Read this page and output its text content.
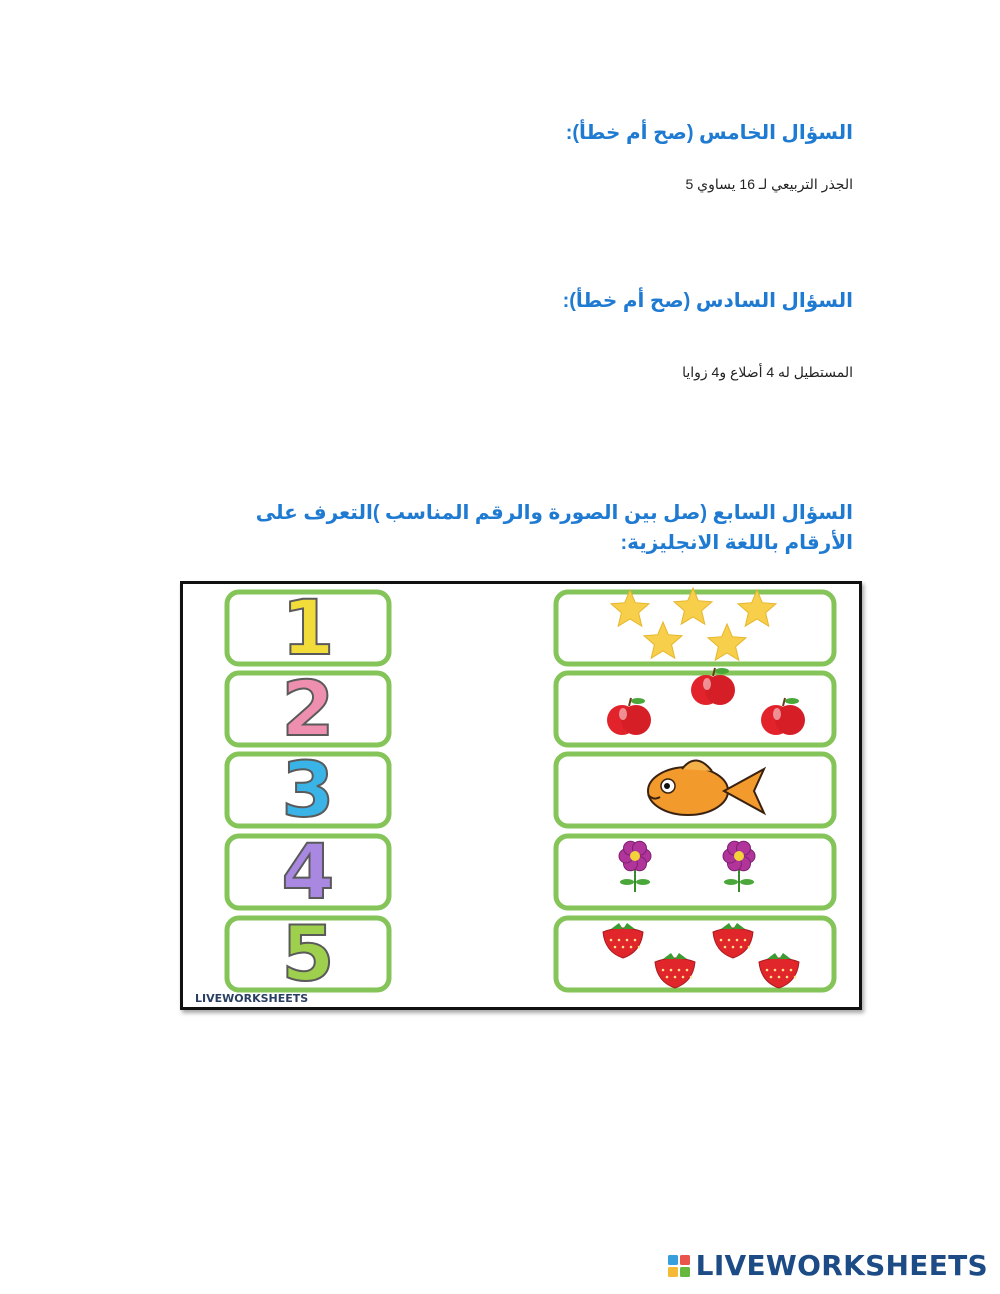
السؤال الخامس (صح أم خطأ):
الجذر التربيعي لـ 16 يساوي 5
السؤال السادس (صح أم خطأ):
المستطيل له 4 أضلاع و4 زوايا
السؤال السابع (صل بين الصورة والرقم المناسب )التعرف على الأرقام باللغة الانجليزية:
1
2
3
4
5
LIVEWORKSHEETS
LIVEWORKSHEETS
